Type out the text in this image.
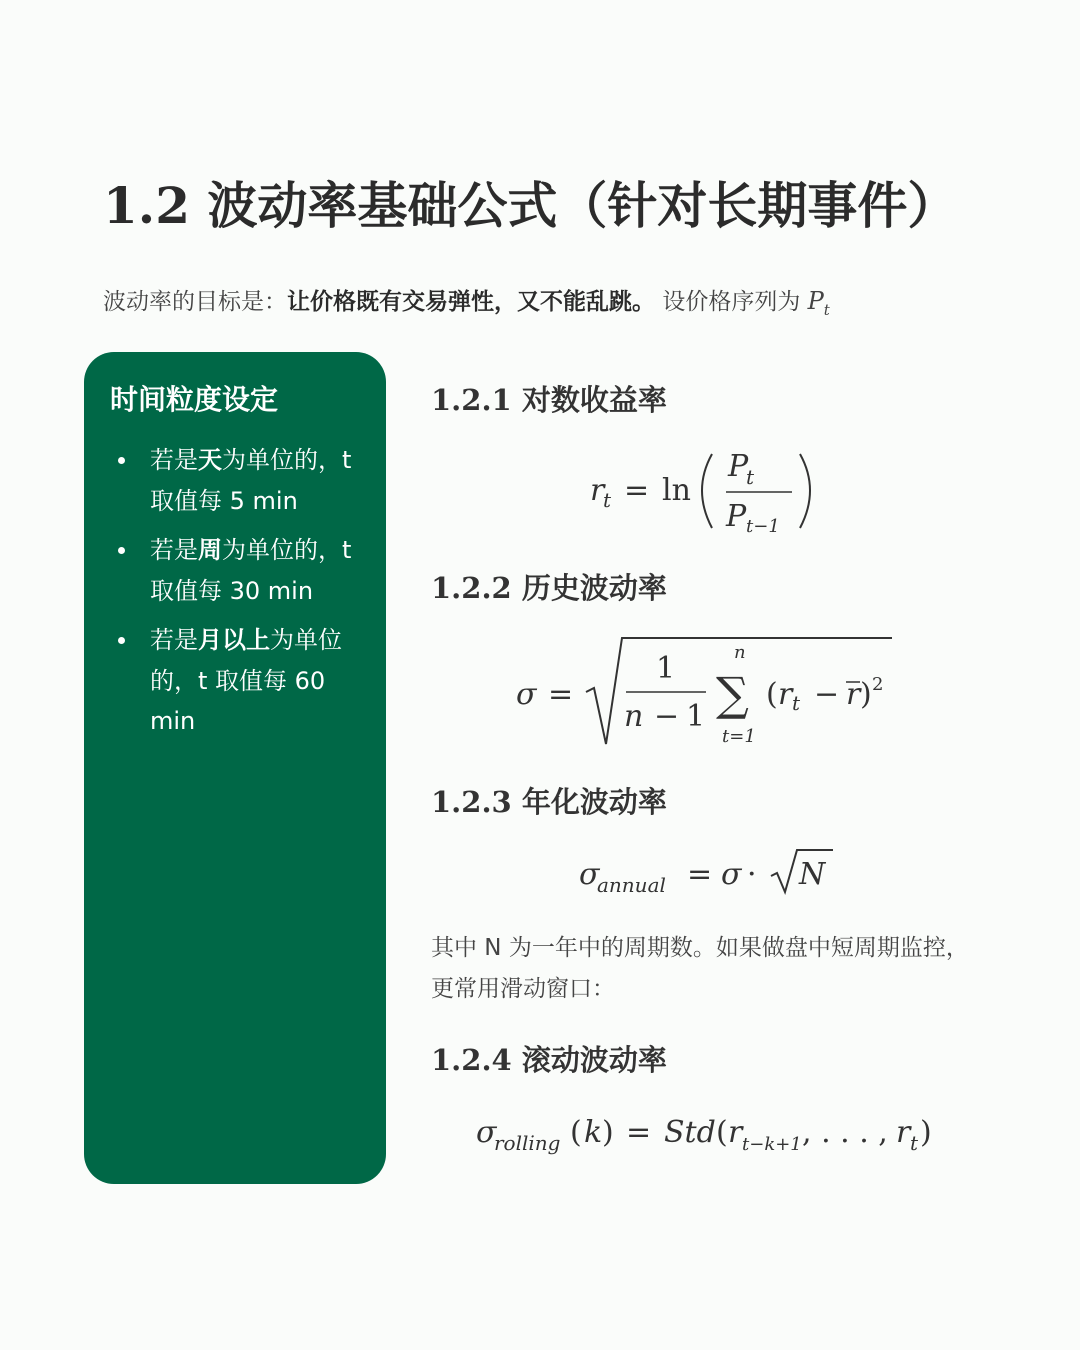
1.2 波动率基础公式（针对长期事件）
波动率的目标是：让价格既有交易弹性，又不能乱跳。 设价格序列为 $P_t$
时间粒度设定
若是天为单位的，t 取值每 5 min
若是周为单位的，t 取值每 30 min
若是月以上为单位的，t 取值每 60 min
1.2.1 对数收益率
r
t = ln
P
t
P t−1
1.2.2 历史波动率
σ =
1
n − 1
n
∑
t=1
( r t − r ) 2
1.2.3 年化波动率
σ
annual = σ · N
其中 N 为一年中的周期数。如果做盘中短周期监控，更常用滑动窗口：
1.2.4 滚动波动率
σ
rolling ( k ) = Std ( r t−k+1 , . . . , r t )
